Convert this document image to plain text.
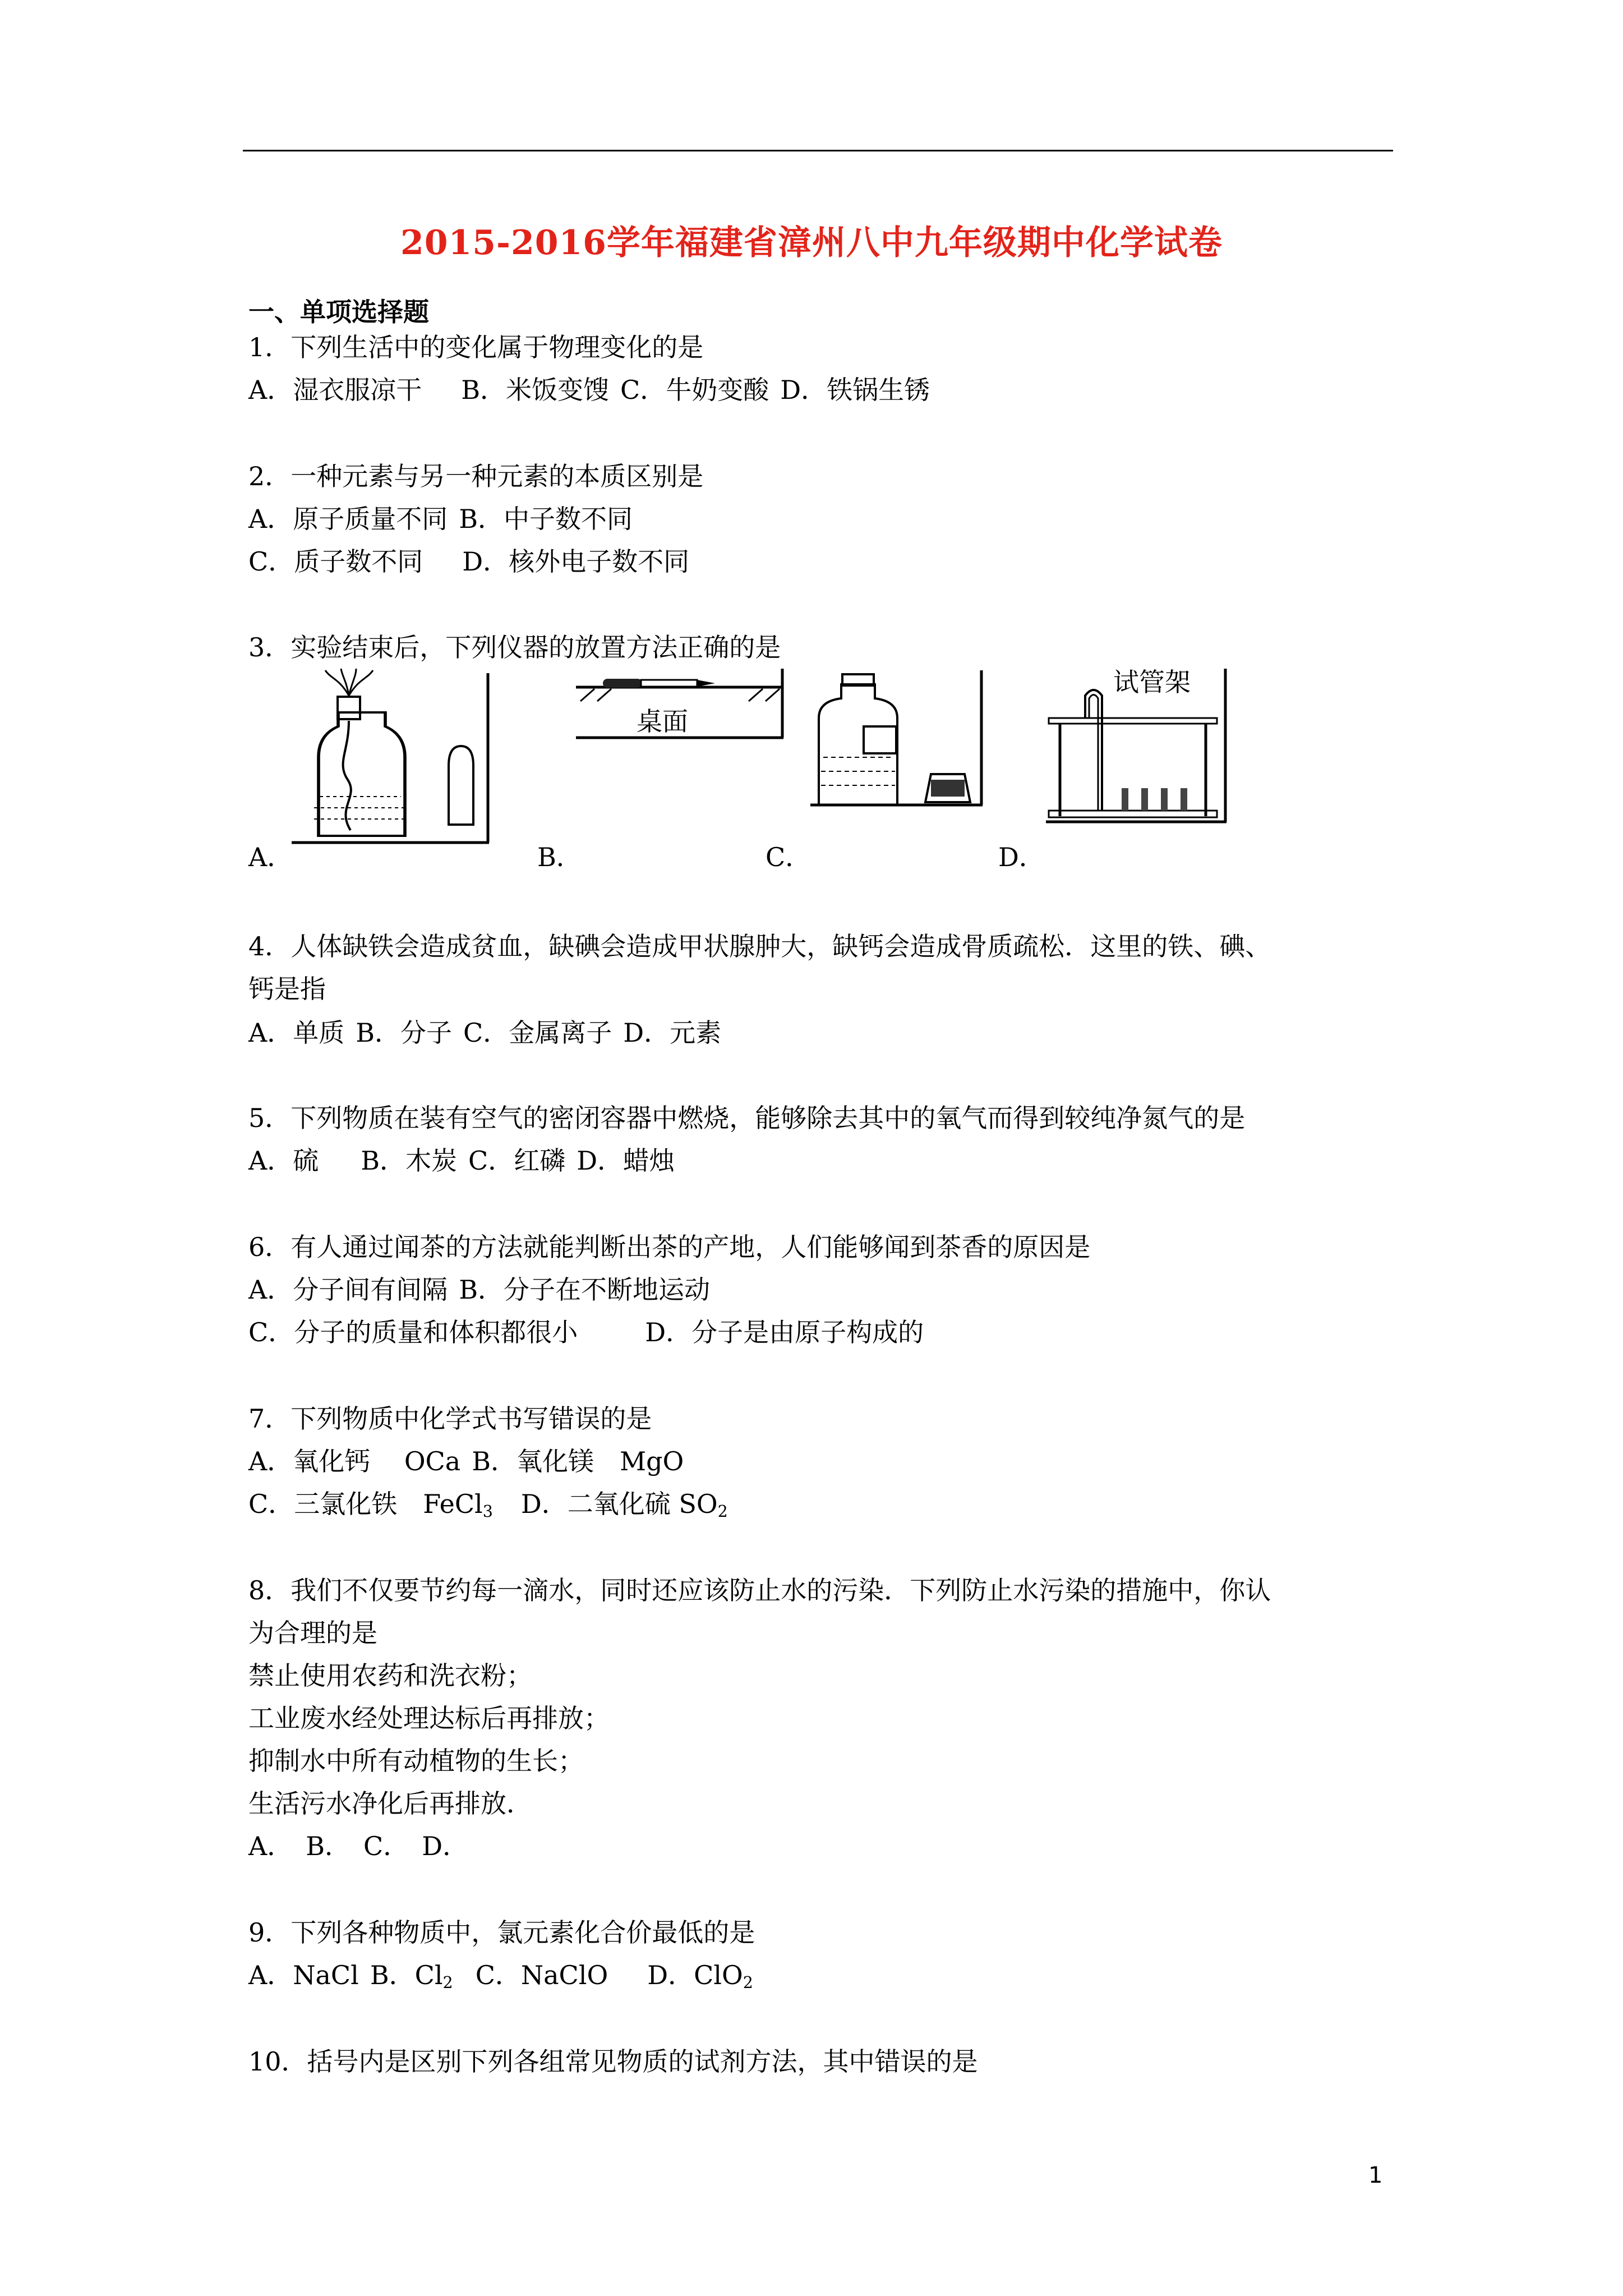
2015-2016学年福建省漳州八中九年级期中化学试卷
一、单项选择题
1．下列生活中的变化属于物理变化的是
A．湿衣服凉干 B．米饭变馊 C．牛奶变酸 D．铁锅生锈
2．一种元素与另一种元素的本质区别是
A．原子质量不同 B．中子数不同
C．质子数不同 D．核外电子数不同
3．实验结束后，下列仪器的放置方法正确的是
桌面
试管架
A．	B．	C．	D．
4．人体缺铁会造成贫血，缺碘会造成甲状腺肿大，缺钙会造成骨质疏松．这里的铁、碘、
钙是指
A．单质 B．分子 C．金属离子 D．元素
5．下列物质在装有空气的密闭容器中燃烧，能够除去其中的氧气而得到较纯净氮气的是
A．硫 B．木炭 C．红磷 D．蜡烛
6．有人通过闻茶的方法就能判断出茶的产地，人们能够闻到茶香的原因是
A．分子间有间隔 B．分子在不断地运动
C．分子的质量和体积都很小	D．分子是由原子构成的
7．下列物质中化学式书写错误的是
A．氧化钙　 OCa B．氧化镁　MgO
C．三氯化铁　FeCl$_3$ D．二氧化硫 $SO_2$
8．我们不仅要节约每一滴水，同时还应该防止水的污染．下列防止水污染的措施中，你认
为合理的是
禁止使用农药和洗衣粉；
工业废水经处理达标后再排放；
抑制水中所有动植物的生长；
生活污水净化后再排放．
A．　B．　C．　D．
9．下列各种物质中，氯元素化合价最低的是
A．NaCl B．$Cl_2$ C．NaClO D．ClO$_2$
10．括号内是区别下列各组常见物质的试剂方法，其中错误的是
1
